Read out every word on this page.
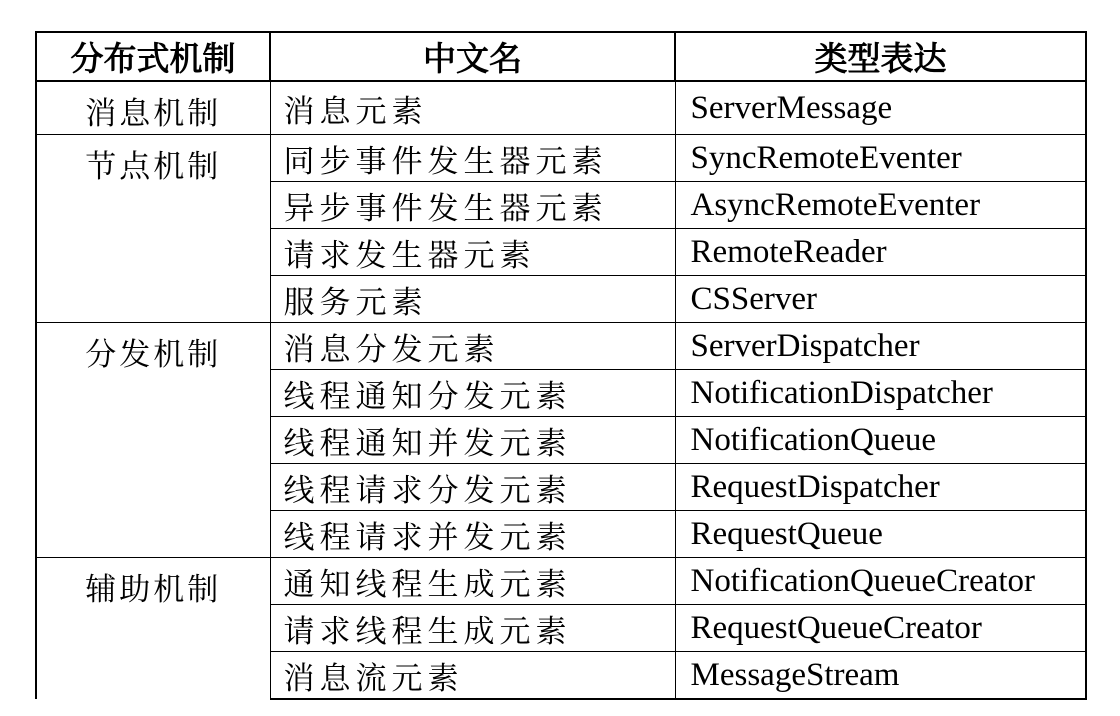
分布式机制	中文名	类型表达
消息机制	消息元素	ServerMessage
节点机制	同步事件发生器元素	SyncRemoteEventer
	异步事件发生器元素	AsyncRemoteEventer
	请求发生器元素	RemoteReader
	服务元素	CSServer
分发机制	消息分发元素	ServerDispatcher
	线程通知分发元素	NotificationDispatcher
	线程通知并发元素	NotificationQueue
	线程请求分发元素	RequestDispatcher
	线程请求并发元素	RequestQueue
辅助机制	通知线程生成元素	NotificationQueueCreator
	请求线程生成元素	RequestQueueCreator
	消息流元素	MessageStream
